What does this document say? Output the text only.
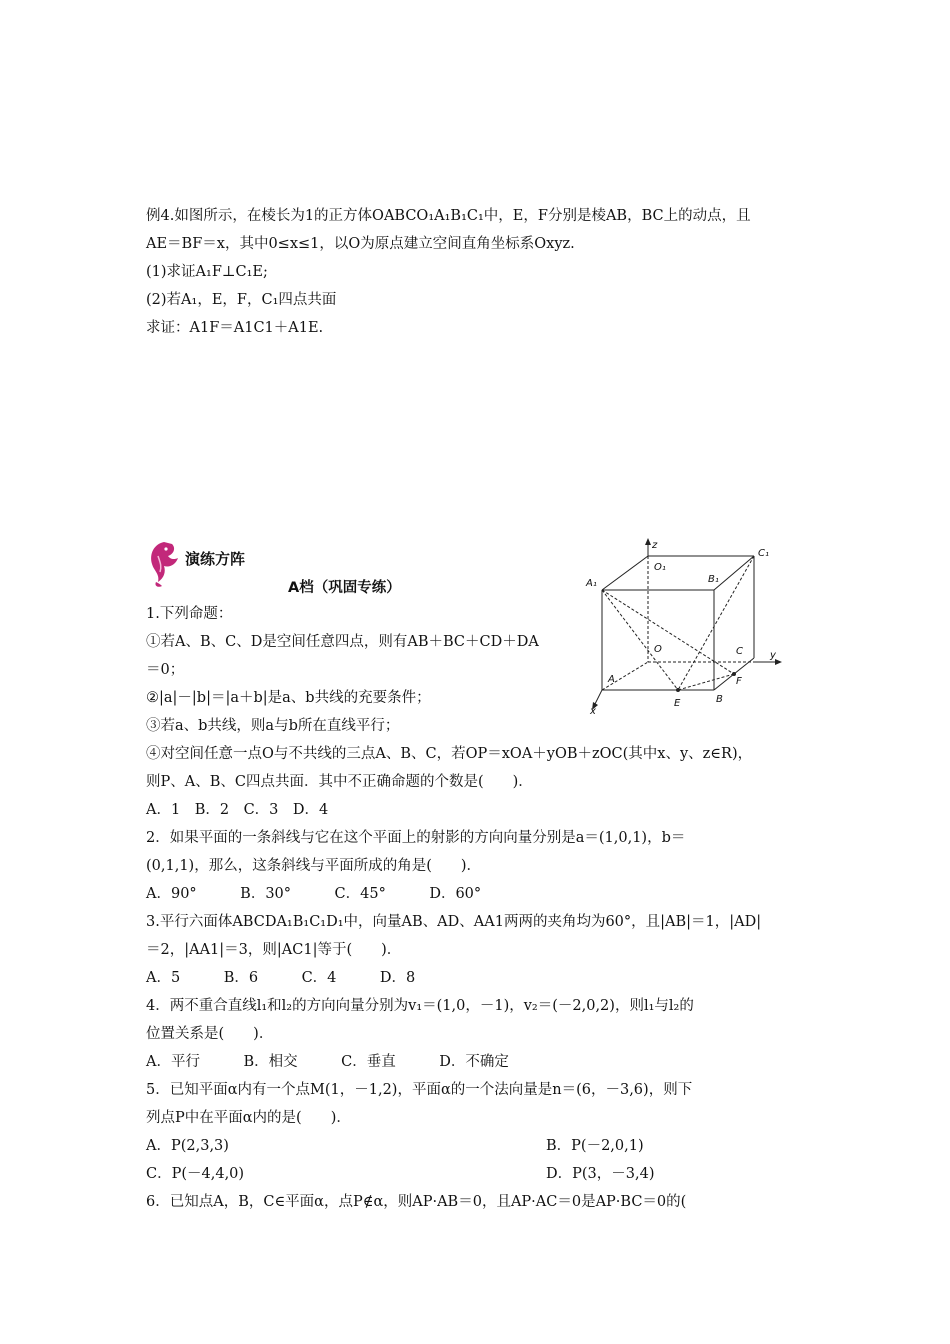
例4.如图所示，在棱长为1的正方体OABCO₁A₁B₁C₁中，E，F分别是棱AB，BC上的动点，且
AE＝BF＝x，其中0≤x≤1，以O为原点建立空间直角坐标系Oxyz.
(1)求证A₁F⊥C₁E;
(2)若A₁，E，F，C₁四点共面
求证：A1F＝A1C1＋A1E.
演练方阵
A档（巩固专练）
z
O₁
B₁
C₁
A₁
O	C	y
A	F
x
E	B
1.下列命题：
①若A、B、C、D是空间任意四点，则有AB＋BC＋CD＋DA
＝0；
②|a|－|b|＝|a＋b|是a、b共线的充要条件；
③若a、b共线，则a与b所在直线平行；
④对空间任意一点O与不共线的三点A、B、C，若OP＝xOA＋yOB＋zOC(其中x、y、z∈R)，
则P、A、B、C四点共面．其中不正确命题的个数是(　　)．
A．1　B．2　C．3　D．4
2．如果平面的一条斜线与它在这个平面上的射影的方向向量分别是a＝(1,0,1)，b＝
(0,1,1)，那么，这条斜线与平面所成的角是(　　)．
A．90°　　　B．30°　　　C．45°　　　D．60°
3.平行六面体ABCDA₁B₁C₁D₁中，向量AB、AD、AA1两两的夹角均为60°，且|AB|＝1，|AD|
＝2，|AA1|＝3，则|AC1|等于(　　)．
A．5　　　B．6　　　C．4　　　D．8
4．两不重合直线l₁和l₂的方向向量分别为v₁＝(1,0，－1)，v₂＝(－2,0,2)，则l₁与l₂的
位置关系是(　　)．
A．平行　　　B．相交　　　C．垂直　　　D．不确定
5．已知平面α内有一个点M(1，－1,2)，平面α的一个法向量是n＝(6，－3,6)，则下
列点P中在平面α内的是(　　)．
A．P(2,3,3)	B．P(－2,0,1)
C．P(－4,4,0)	D．P(3，－3,4)
6．已知点A，B，C∈平面α，点P∉α，则AP·AB＝0，且AP·AC＝0是AP·BC＝0的(
